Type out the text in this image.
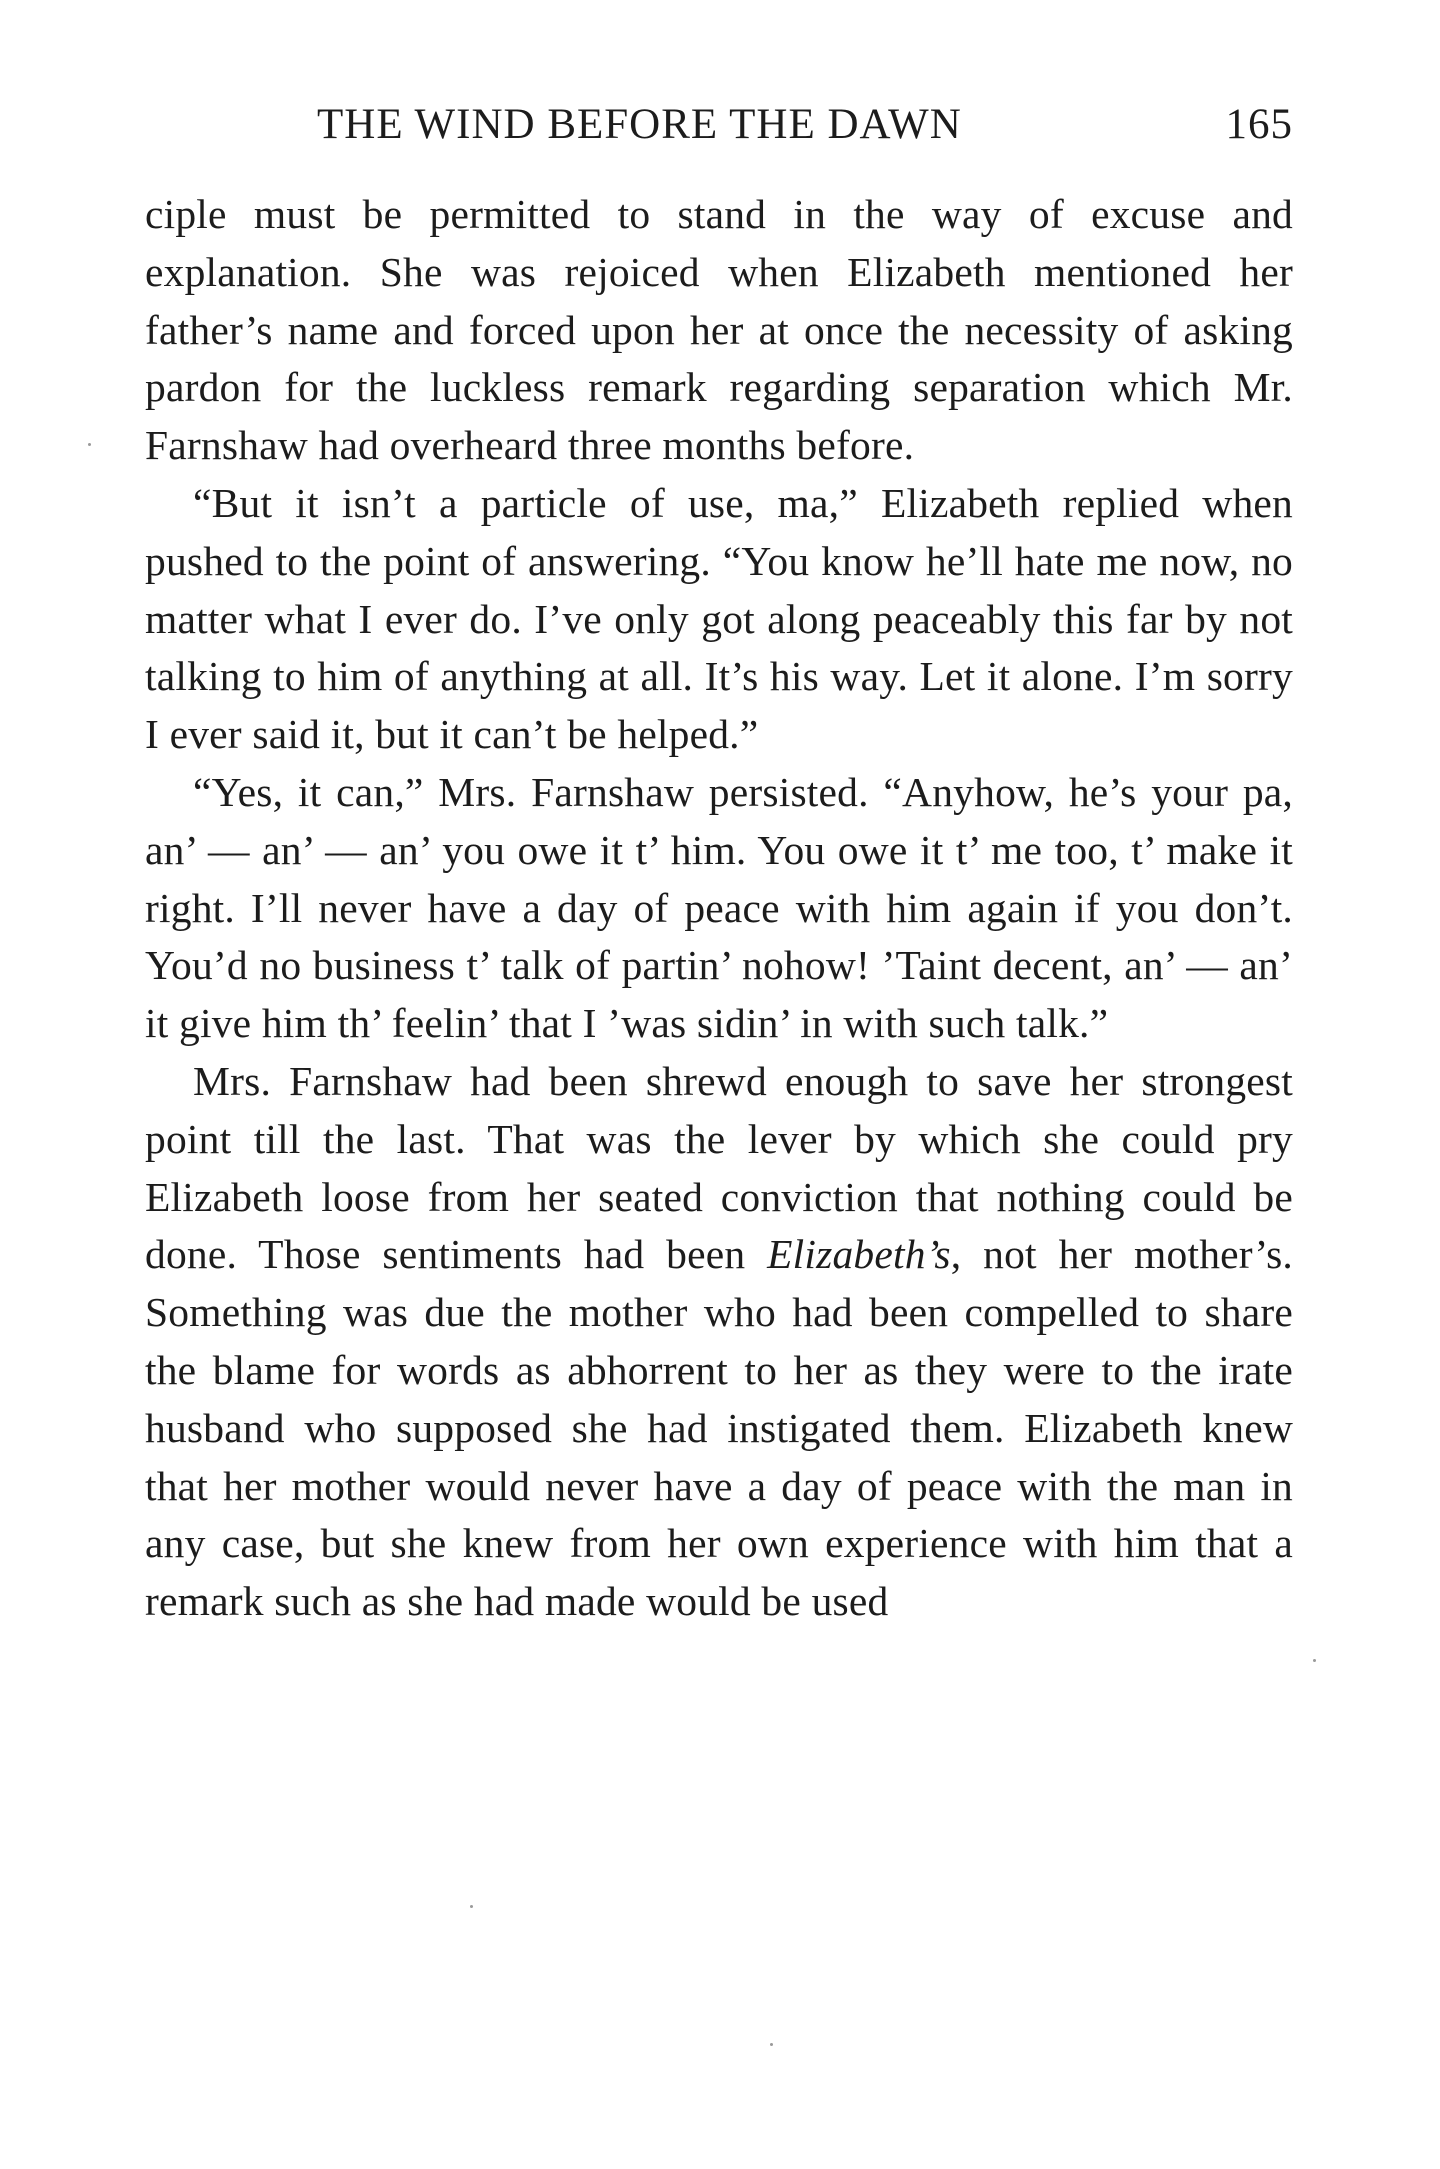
THE WIND BEFORE THE DAWN	165

ciple must be permitted to stand in the way of excuse and explanation. She was rejoiced when Elizabeth mentioned her father’s name and forced upon her at once the necessity of asking pardon for the luckless remark regarding separation which Mr. Farnshaw had overheard three months before.

“But it isn’t a particle of use, ma,” Elizabeth replied when pushed to the point of answering. “You know he’ll hate me now, no matter what I ever do. I’ve only got along peaceably this far by not talking to him of anything at all. It’s his way. Let it alone. I’m sorry I ever said it, but it can’t be helped.”

“Yes, it can,” Mrs. Farnshaw persisted. “Anyhow, he’s your pa, an’ — an’ — an’ you owe it t’ him. You owe it t’ me too, t’ make it right. I’ll never have a day of peace with him again if you don’t. You’d no business t’ talk of partin’ nohow! ’Taint decent, an’ — an’ it give him th’ feelin’ that I ’was sidin’ in with such talk.”

Mrs. Farnshaw had been shrewd enough to save her strongest point till the last. That was the lever by which she could pry Elizabeth loose from her seated conviction that nothing could be done. Those sentiments had been Elizabeth’s, not her mother’s. Something was due the mother who had been compelled to share the blame for words as abhorrent to her as they were to the irate husband who supposed she had instigated them. Elizabeth knew that her mother would never have a day of peace with the man in any case, but she knew from her own experience with him that a remark such as she had made would be used
